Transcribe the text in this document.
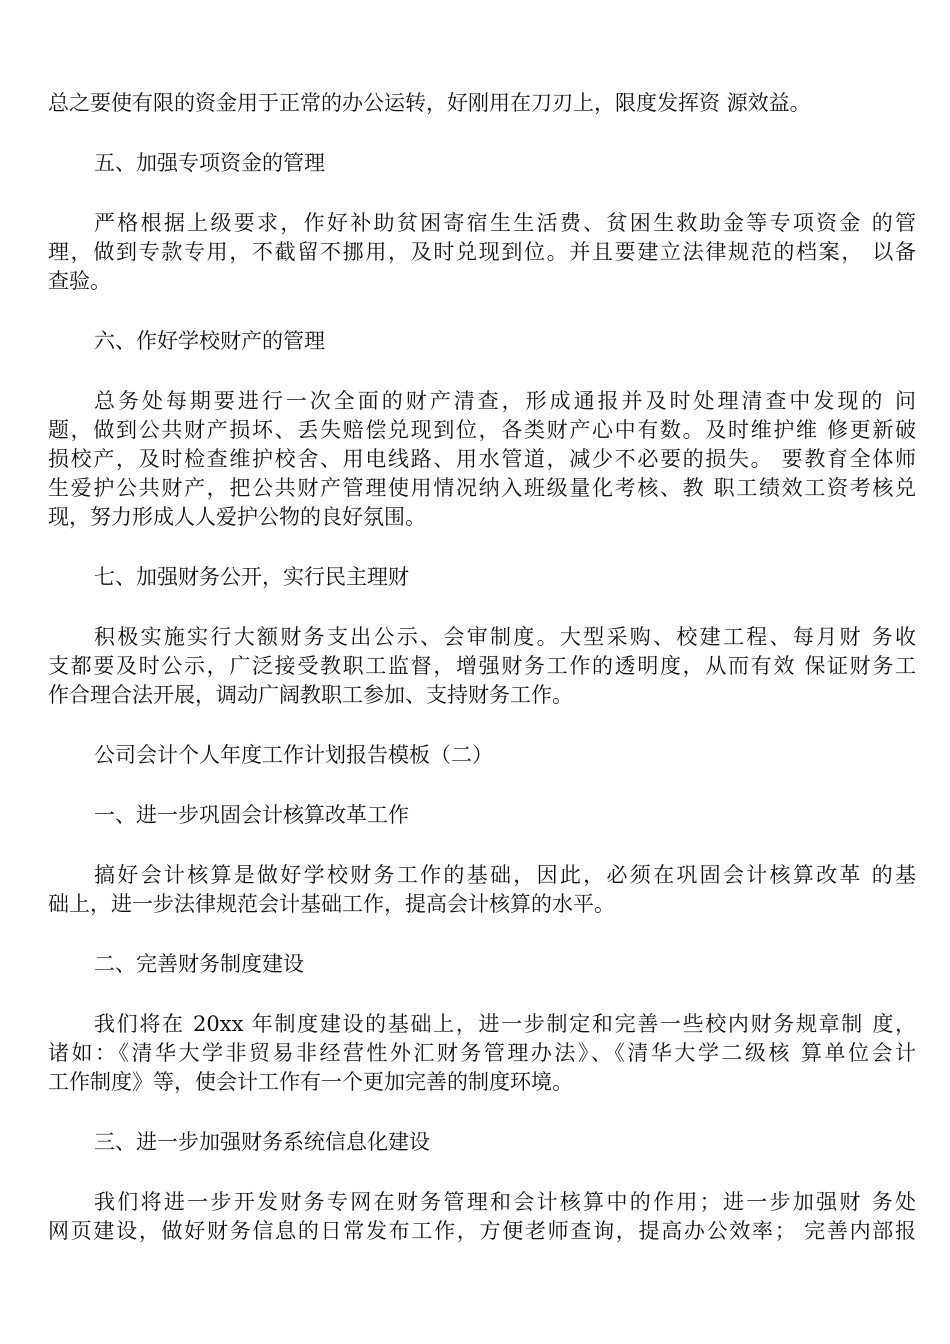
总之要使有限的资金用于正常的办公运转，好刚用在刀刃上，限度发挥资 源效益。
五、加强专项资金的管理
严格根据上级要求，作好补助贫困寄宿生生活费、贫困生救助金等专项资金 的管
理，做到专款专用，不截留不挪用，及时兑现到位。并且要建立法律规范的档案， 以备
查验。
六、作好学校财产的管理
总务处每期要进行一次全面的财产清查，形成通报并及时处理清查中发现的 问
题，做到公共财产损坏、丢失赔偿兑现到位，各类财产心中有数。及时维护维 修更新破
损校产，及时检查维护校舍、用电线路、用水管道，减少不必要的损失。 要教育全体师
生爱护公共财产，把公共财产管理使用情况纳入班级量化考核、教 职工绩效工资考核兑
现，努力形成人人爱护公物的良好氛围。
七、加强财务公开，实行民主理财
积极实施实行大额财务支出公示、会审制度。大型采购、校建工程、每月财 务收
支都要及时公示，广泛接受教职工监督，增强财务工作的透明度，从而有效 保证财务工
作合理合法开展，调动广阔教职工参加、支持财务工作。
公司会计个人年度工作计划报告模板（二）
一、进一步巩固会计核算改革工作
搞好会计核算是做好学校财务工作的基础，因此，必须在巩固会计核算改革 的基
础上，进一步法律规范会计基础工作，提高会计核算的水平。
二、完善财务制度建设
我们将在 20xx 年制度建设的基础上，进一步制定和完善一些校内财务规章制 度，
诸如：《清华大学非贸易非经营性外汇财务管理办法》、《清华大学二级核 算单位会计
工作制度》等，使会计工作有一个更加完善的制度环境。
三、进一步加强财务系统信息化建设
我们将进一步开发财务专网在财务管理和会计核算中的作用；进一步加强财 务处
网页建设，做好财务信息的日常发布工作，方便老师查询，提高办公效率； 完善内部报
